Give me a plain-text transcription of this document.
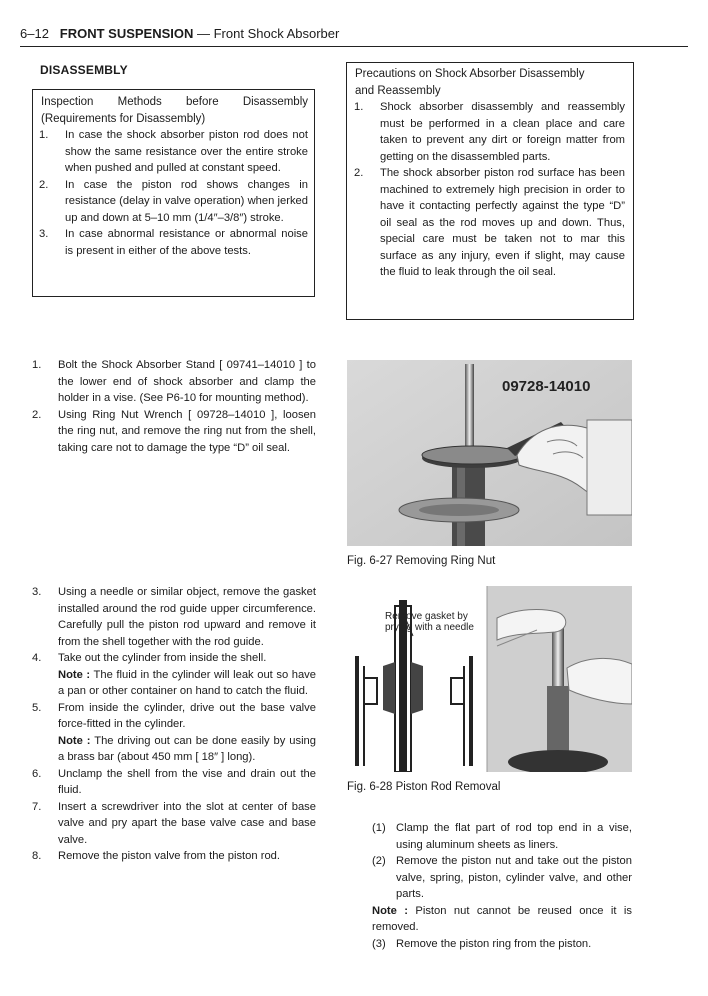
6–12 FRONT SUSPENSION — Front Shock Absorber
DISASSEMBLY
Inspection Methods before Disassembly
(Requirements for Disassembly)
1. In case the shock absorber piston rod does not show the same resistance over the entire stroke when pushed and pulled at constant speed.
2. In case the piston rod shows changes in resistance (delay in valve operation) when jerked up and down at 5–10 mm (1/4″–3/8″) stroke.
3. In case abnormal resistance or abnormal noise is present in either of the above tests.
Precautions on Shock Absorber Disassembly
and Reassembly
1. Shock absorber disassembly and reassembly must be performed in a clean place and care taken to prevent any dirt or foreign matter from getting on the disassembled parts.
2. The shock absorber piston rod surface has been machined to extremely high precision in order to have it contacting perfectly against the type “D” oil seal as the rod moves up and down. Thus, special care must be taken not to mar this surface as any injury, even if slight, may cause the fluid to leak through the oil seal.
1. Bolt the Shock Absorber Stand [ 09741–14010 ] to the lower end of shock absorber and clamp the holder in a vise. (See P6-10 for mounting method).
2. Using Ring Nut Wrench [ 09728–14010 ], loosen the ring nut, and remove the ring nut from the shell, taking care not to damage the type “D” oil seal.
09728-14010
Fig. 6-27 Removing Ring Nut
3. Using a needle or similar object, remove the gasket installed around the rod guide upper circumference. Carefully pull the piston rod upward and remove it from the shell together with the rod guide.
4. Take out the cylinder from inside the shell.
Note : The fluid in the cylinder will leak out so have a pan or other container on hand to catch the fluid.
5. From inside the cylinder, drive out the base valve force-fitted in the cylinder.
Note : The driving out can be done easily by using a brass bar (about 450 mm [ 18″ ] long).
6. Unclamp the shell from the vise and drain out the fluid.
7. Insert a screwdriver into the slot at center of base valve and pry apart the base valve case and base valve.
8. Remove the piston valve from the piston rod.
Remove gasket by
prying with a needle
Fig. 6-28 Piston Rod Removal
(1) Clamp the flat part of rod top end in a vise, using aluminum sheets as liners.
(2) Remove the piston nut and take out the piston valve, spring, piston, cylinder valve, and other parts.
Note : Piston nut cannot be reused once it is removed.
(3) Remove the piston ring from the piston.
